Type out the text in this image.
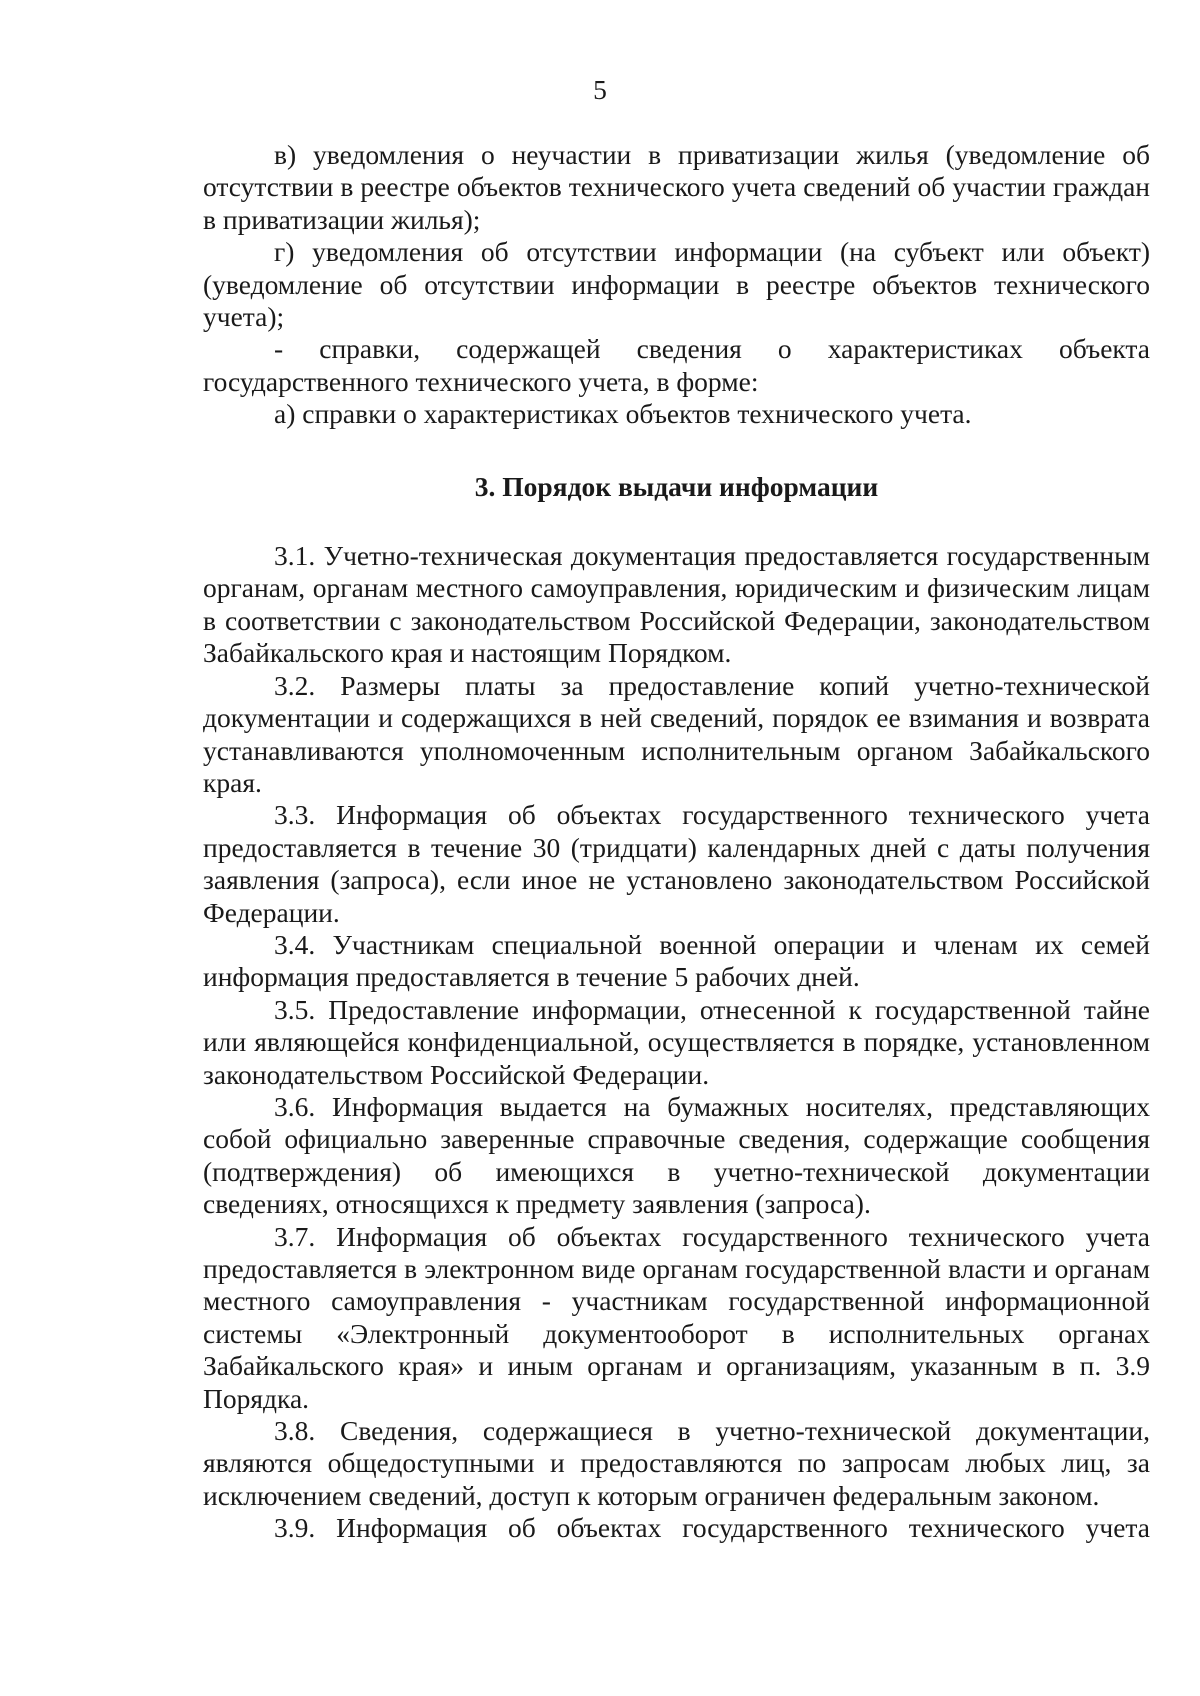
5

в) уведомления о неучастии в приватизации жилья (уведомление об отсутствии в реестре объектов технического учета сведений об участии граждан в приватизации жилья);

г) уведомления об отсутствии информации (на субъект или объект) (уведомление об отсутствии информации в реестре объектов технического учета);

- справки, содержащей сведения о характеристиках объекта государственного технического учета, в форме:

а) справки о характеристиках объектов технического учета.

3. Порядок выдачи информации

3.1. Учетно-техническая документация предоставляется государственным органам, органам местного самоуправления, юридическим и физическим лицам в соответствии с законодательством Российской Федерации, законодательством Забайкальского края и настоящим Порядком.

3.2. Размеры платы за предоставление копий учетно-технической документации и содержащихся в ней сведений, порядок ее взимания и возврата устанавливаются уполномоченным исполнительным органом Забайкальского края.

3.3. Информация об объектах государственного технического учета предоставляется в течение 30 (тридцати) календарных дней с даты получения заявления (запроса), если иное не установлено законодательством Российской Федерации.

3.4. Участникам специальной военной операции и членам их семей информация предоставляется в течение 5 рабочих дней.

3.5. Предоставление информации, отнесенной к государственной тайне или являющейся конфиденциальной, осуществляется в порядке, установленном законодательством Российской Федерации.

3.6. Информация выдается на бумажных носителях, представляющих собой официально заверенные справочные сведения, содержащие сообщения (подтверждения) об имеющихся в учетно-технической документации сведениях, относящихся к предмету заявления (запроса).

3.7. Информация об объектах государственного технического учета предоставляется в электронном виде органам государственной власти и органам местного самоуправления - участникам государственной информационной системы «Электронный документооборот в исполнительных органах Забайкальского края» и иным органам и организациям, указанным в п. 3.9 Порядка.

3.8. Сведения, содержащиеся в учетно-технической документации, являются общедоступными и предоставляются по запросам любых лиц, за исключением сведений, доступ к которым ограничен федеральным законом.

3.9. Информация об объектах государственного технического учета
